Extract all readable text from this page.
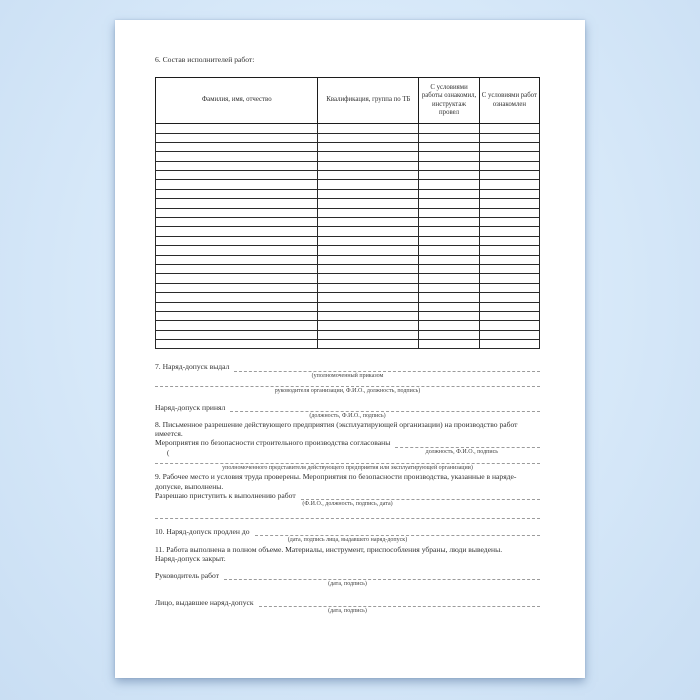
6. Состав исполнителей работ:

Фамилия, имя, отчество	Квалификация, группа по ТБ	С условиями работы ознакомил, инструктаж провел	С условиями работ ознакомлен

7. Наряд-допуск выдал
(уполномоченный приказом
руководителя организации, Ф.И.О., должность, подпись)
Наряд-допуск принял
(должность, Ф.И.О., подпись)

8. Письменное разрешение действующего предприятия (эксплуатирующей организации) на производство работ имеется.

Мероприятия по безопасности строительного производства согласованы
(	должность, Ф.И.О., подпись
уполномоченного представителя действующего предприятия или эксплуатирующей организации)

9. Рабочее место и условия труда проверены. Мероприятия по безопасности производства, указанные в наряде-допуске, выполнены.

Разрешаю приступить к выполнению работ
(Ф.И.О., должность, подпись, дата)
10. Наряд-допуск продлен до
(дата, подпись лица, выдавшего наряд-допуск)

11. Работа выполнена в полном объеме. Материалы, инструмент, приспособления убраны, люди выведены.

Наряд-допуск закрыт.

Руководитель работ
(дата, подпись)
Лицо, выдавшее наряд-допуск
(дата, подпись)
